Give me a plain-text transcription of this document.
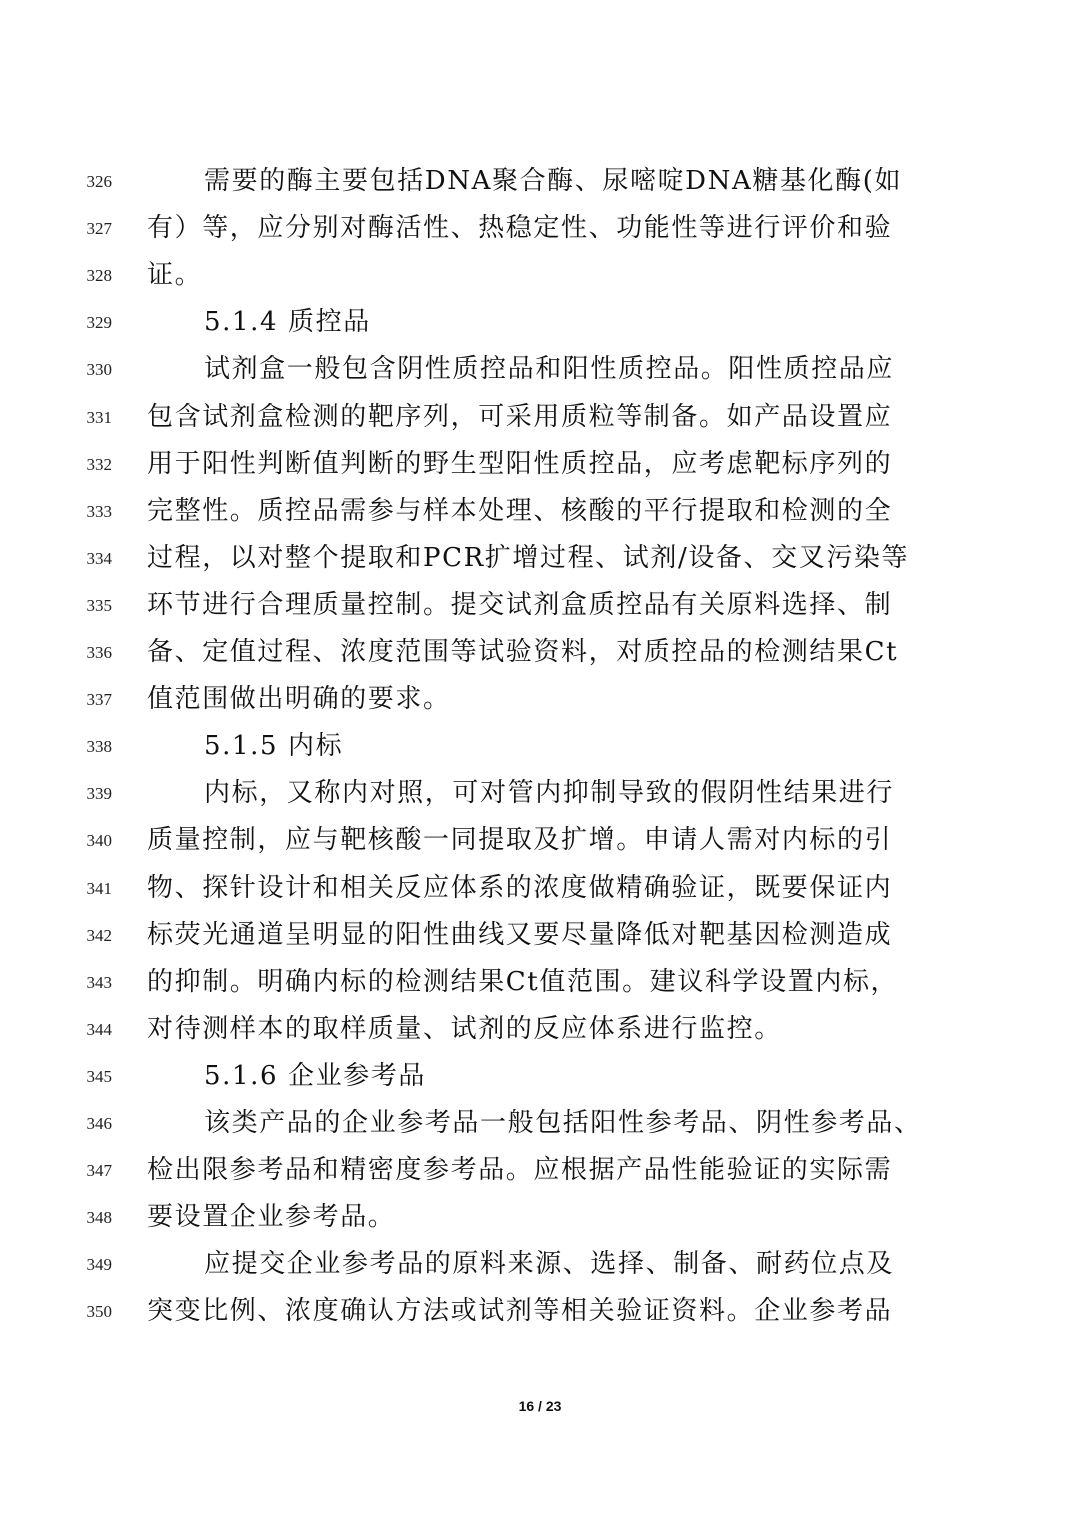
326	需要的酶主要包括DNA聚合酶、尿嘧啶DNA糖基化酶(如
327 有）等，应分别对酶活性、热稳定性、功能性等进行评价和验
328 证。
329	5.1.4 质控品
330	试剂盒一般包含阴性质控品和阳性质控品。阳性质控品应
331 包含试剂盒检测的靶序列，可采用质粒等制备。如产品设置应
332 用于阳性判断值判断的野生型阳性质控品，应考虑靶标序列的
333 完整性。质控品需参与样本处理、核酸的平行提取和检测的全
334 过程，以对整个提取和PCR扩增过程、试剂/设备、交叉污染等
335 环节进行合理质量控制。提交试剂盒质控品有关原料选择、制
336 备、定值过程、浓度范围等试验资料，对质控品的检测结果Ct
337 值范围做出明确的要求。
338	5.1.5 内标
339	内标，又称内对照，可对管内抑制导致的假阴性结果进行
340 质量控制，应与靶核酸一同提取及扩增。申请人需对内标的引
341 物、探针设计和相关反应体系的浓度做精确验证，既要保证内
342 标荧光通道呈明显的阳性曲线又要尽量降低对靶基因检测造成
343 的抑制。明确内标的检测结果Ct值范围。建议科学设置内标，
344 对待测样本的取样质量、试剂的反应体系进行监控。
345	5.1.6 企业参考品
346	该类产品的企业参考品一般包括阳性参考品、阴性参考品、
347 检出限参考品和精密度参考品。应根据产品性能验证的实际需
348 要设置企业参考品。
349	应提交企业参考品的原料来源、选择、制备、耐药位点及
350 突变比例、浓度确认方法或试剂等相关验证资料。企业参考品
16 / 23
